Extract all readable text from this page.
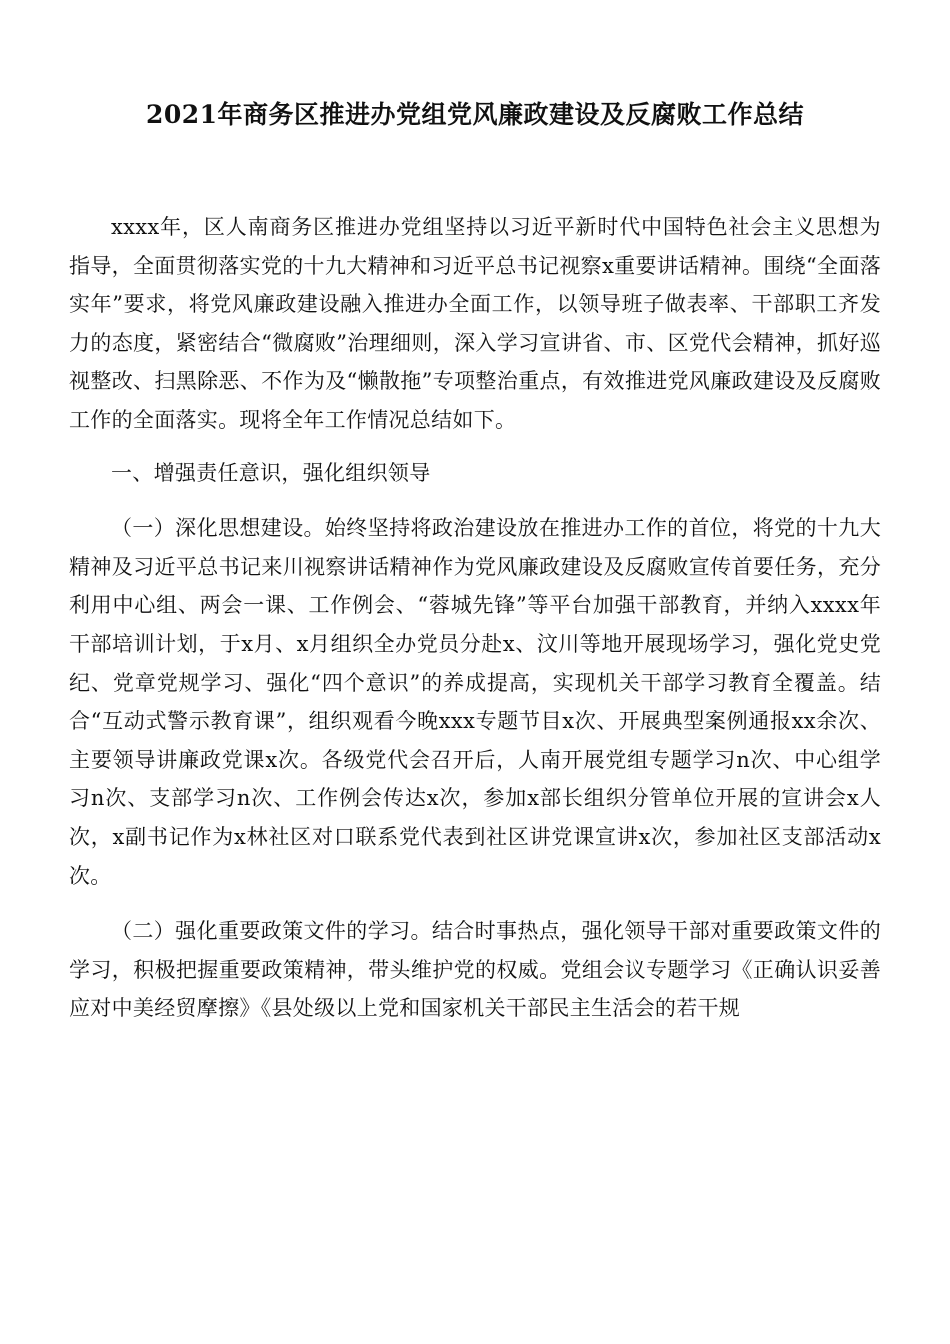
2021年商务区推进办党组党风廉政建设及反腐败工作总结

xxxx年，区人南商务区推进办党组坚持以习近平新时代中国特色社会主义思想为指导，全面贯彻落实党的十九大精神和习近平总书记视察x重要讲话精神。围绕“全面落实年”要求，将党风廉政建设融入推进办全面工作，以领导班子做表率、干部职工齐发力的态度，紧密结合“微腐败”治理细则，深入学习宣讲省、市、区党代会精神，抓好巡视整改、扫黑除恶、不作为及“懒散拖”专项整治重点，有效推进党风廉政建设及反腐败工作的全面落实。现将全年工作情况总结如下。

一、增强责任意识，强化组织领导

（一）深化思想建设。始终坚持将政治建设放在推进办工作的首位，将党的十九大精神及习近平总书记来川视察讲话精神作为党风廉政建设及反腐败宣传首要任务，充分利用中心组、两会一课、工作例会、“蓉城先锋”等平台加强干部教育，并纳入xxxx年干部培训计划，于x月、x月组织全办党员分赴x、汶川等地开展现场学习，强化党史党纪、党章党规学习、强化“四个意识”的养成提高，实现机关干部学习教育全覆盖。结合“互动式警示教育课”，组织观看今晚xxx专题节目x次、开展典型案例通报xx余次、主要领导讲廉政党课x次。各级党代会召开后，人南开展党组专题学习n次、中心组学习n次、支部学习n次、工作例会传达x次，参加x部长组织分管单位开展的宣讲会x人次，x副书记作为x林社区对口联系党代表到社区讲党课宣讲x次，参加社区支部活动x次。

（二）强化重要政策文件的学习。结合时事热点，强化领导干部对重要政策文件的学习，积极把握重要政策精神，带头维护党的权威。党组会议专题学习《正确认识妥善应对中美经贸摩擦》《县处级以上党和国家机关干部民主生活会的若干规
